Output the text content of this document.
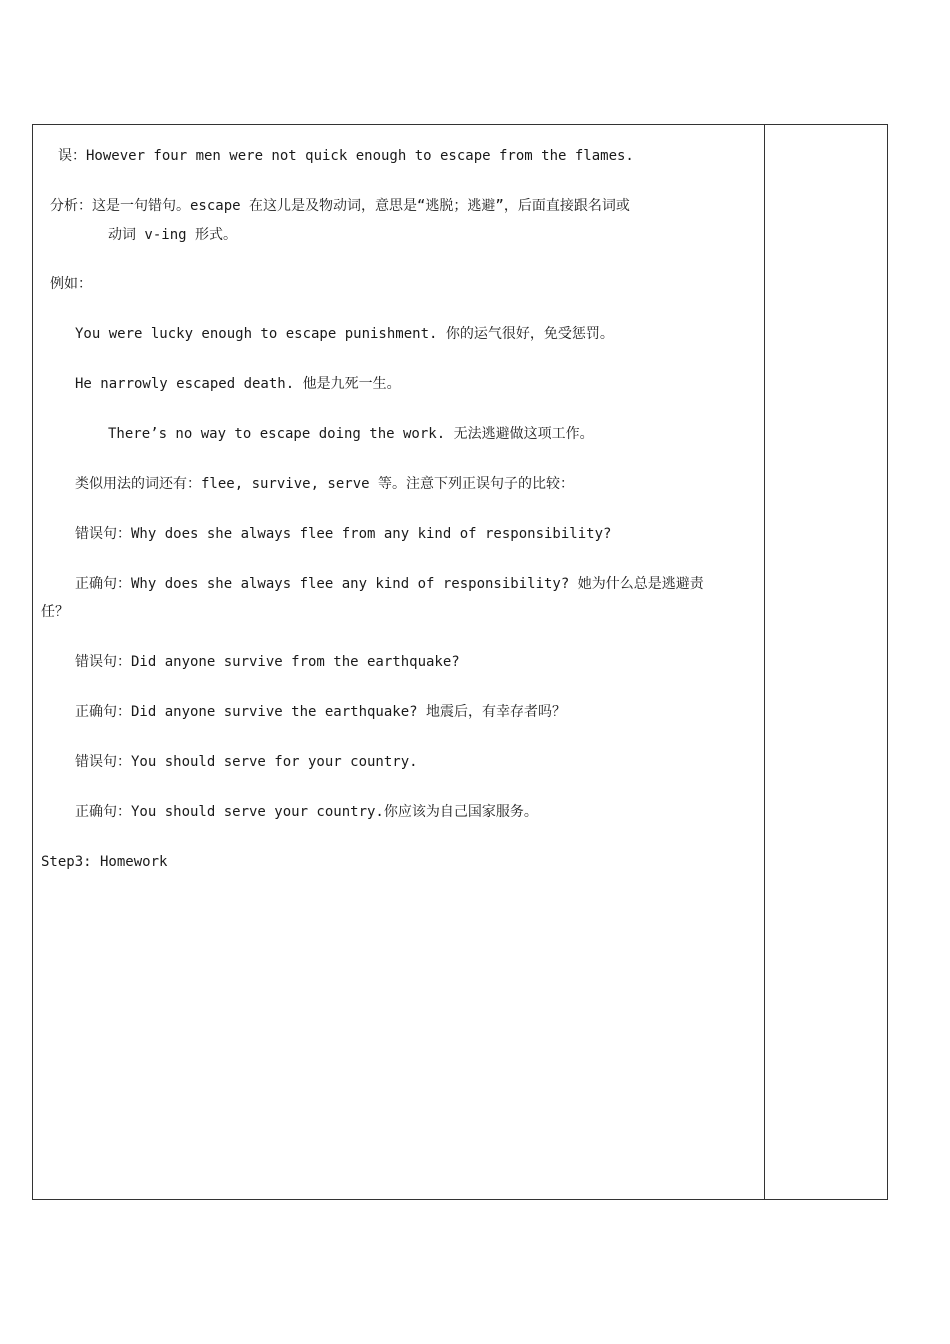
误：However four men were not quick enough to escape from the flames.
分析：这是一句错句。escape 在这儿是及物动词，意思是“逃脱；逃避”，后面直接跟名词或
动词 v-ing 形式。
例如：
You were lucky enough to escape punishment. 你的运气很好，免受惩罚。
He narrowly escaped death. 他是九死一生。
There’s no way to escape doing the work. 无法逃避做这项工作。
类似用法的词还有：flee, survive, serve 等。注意下列正误句子的比较：
错误句：Why does she always flee from any kind of responsibility?
正确句：Why does she always flee any kind of responsibility? 她为什么总是逃避责
任？
错误句：Did anyone survive from the earthquake?
正确句：Did anyone survive the earthquake? 地震后，有幸存者吗？
错误句：You should serve for your country.
正确句：You should serve your country.你应该为自己国家服务。
Step3: Homework
